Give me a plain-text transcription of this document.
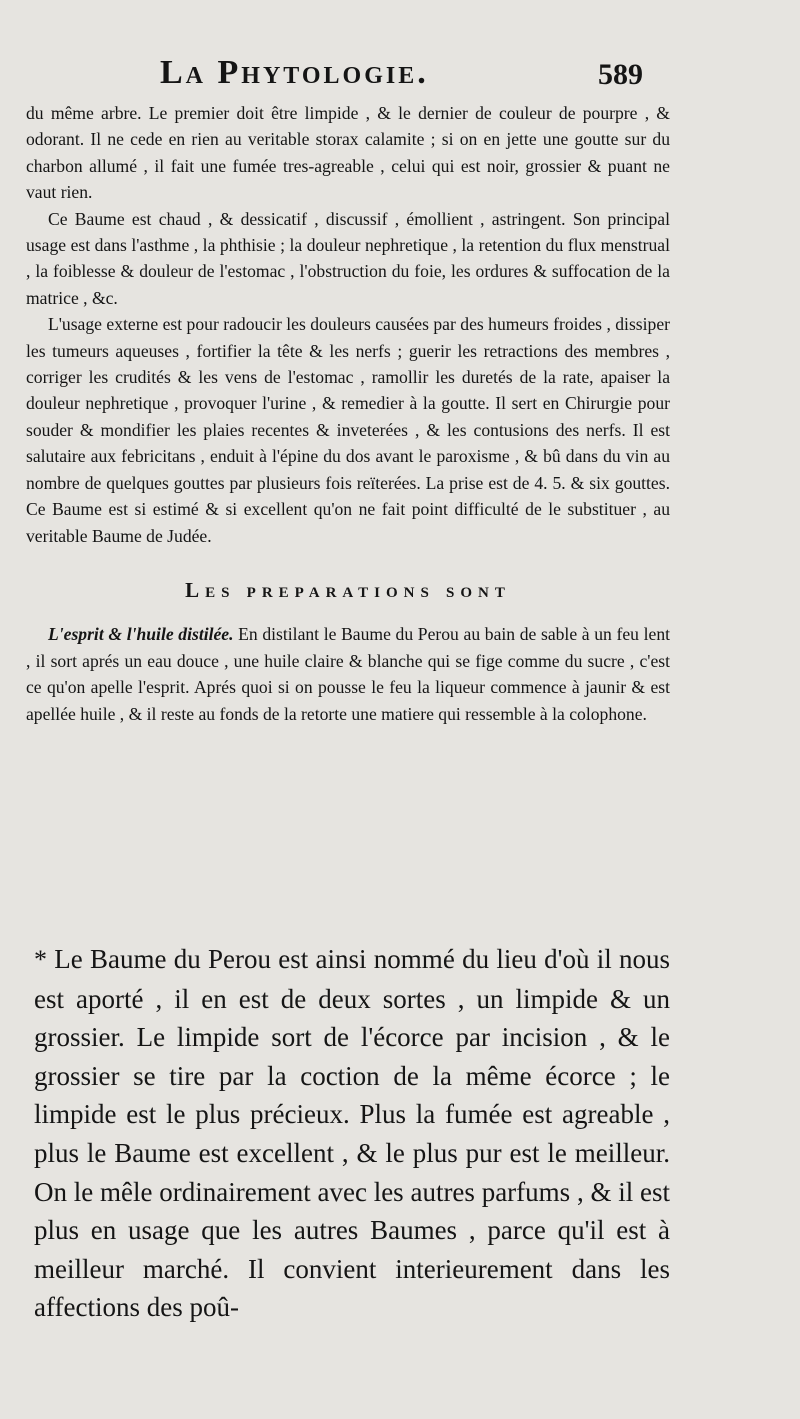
La Phytologie.	589

du même arbre. Le premier doit être limpide , & le dernier de couleur de pourpre , & odorant. Il ne cede en rien au veritable storax calamite ; si on en jette une goutte sur du charbon allumé , il fait une fumée tres-agreable , celui qui est noir, grossier & puant ne vaut rien.

Ce Baume est chaud , & dessicatif , discussif , émollient , astringent. Son principal usage est dans l'asthme , la phthisie ; la douleur nephretique , la retention du flux menstrual , la foiblesse & douleur de l'estomac , l'obstruction du foie, les ordures & suffocation de la matrice , &c.

L'usage externe est pour radoucir les douleurs causées par des humeurs froides , dissiper les tumeurs aqueuses , fortifier la tête & les nerfs ; guerir les retractions des membres , corriger les crudités & les vens de l'estomac , ramollir les duretés de la rate, apaiser la douleur nephretique , provoquer l'urine , & remedier à la goutte. Il sert en Chirurgie pour souder & mondifier les plaies recentes & inveterées , & les contusions des nerfs. Il est salutaire aux febricitans , enduit à l'épine du dos avant le paroxisme , & bû dans du vin au nombre de quelques gouttes par plusieurs fois reïterées. La prise est de 4. 5. & six gouttes. Ce Baume est si estimé & si excellent qu'on ne fait point difficulté de le substituer , au veritable Baume de Judée.

Les preparations sont

L'esprit & l'huile distilée. En distilant le Baume du Perou au bain de sable à un feu lent , il sort aprés un eau douce , une huile claire & blanche qui se fige comme du sucre , c'est ce qu'on apelle l'esprit. Aprés quoi si on pousse le feu la liqueur commence à jaunir & est apellée huile , & il reste au fonds de la retorte une matiere qui ressemble à la colophone.

* Le Baume du Perou est ainsi nommé du lieu d'où il nous est aporté , il en est de deux sortes , un limpide & un grossier. Le limpide sort de l'écorce par incision , & le grossier se tire par la coction de la même écorce ; le limpide est le plus précieux. Plus la fumée est agreable , plus le Baume est excellent , & le plus pur est le meilleur. On le mêle ordinairement avec les autres parfums , & il est plus en usage que les autres Baumes , parce qu'il est à meilleur marché. Il convient interieurement dans les affections des poû-
